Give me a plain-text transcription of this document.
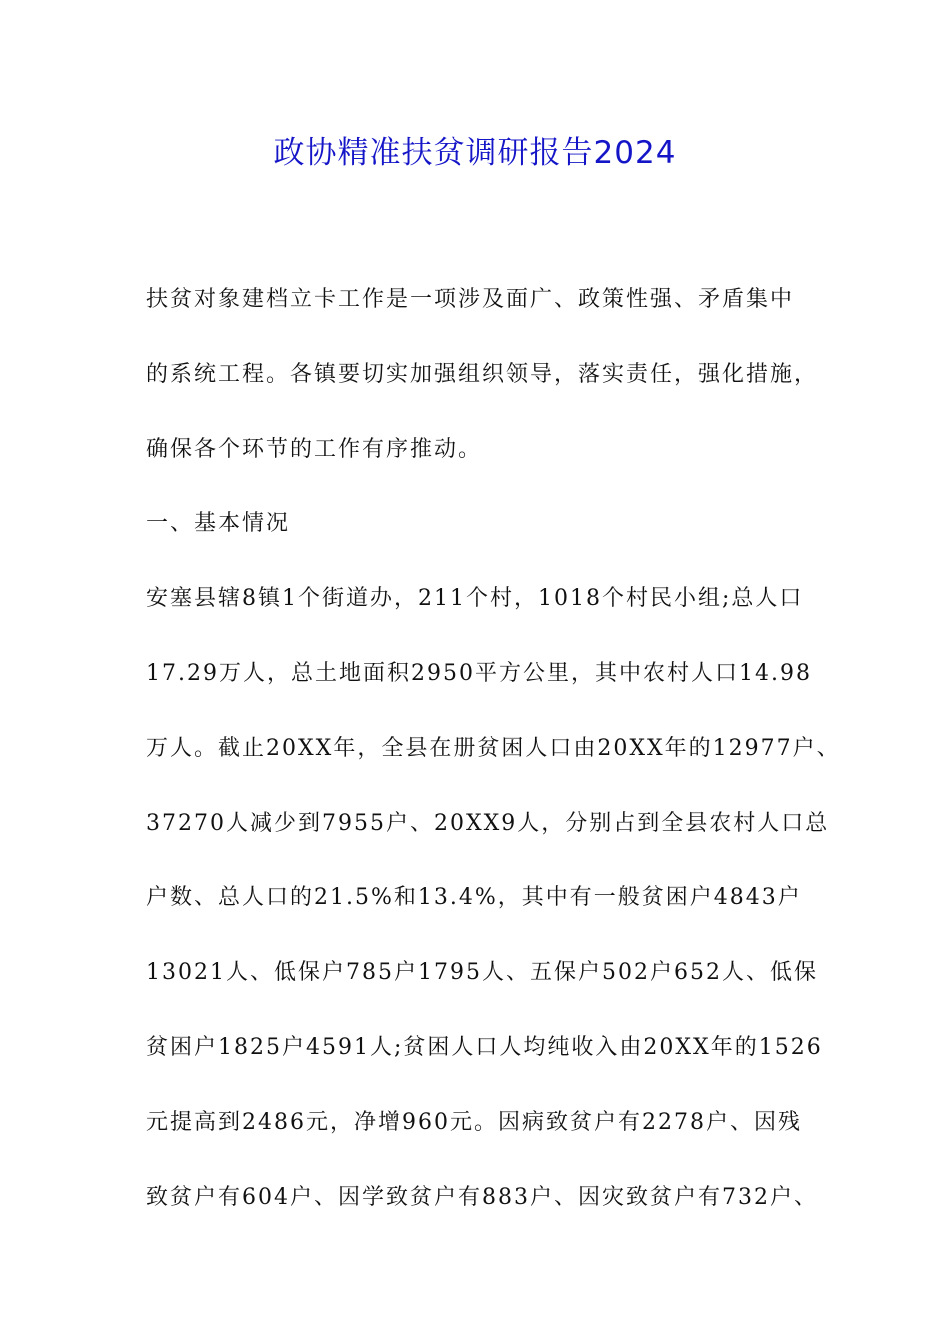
政协精准扶贫调研报告2024
扶贫对象建档立卡工作是一项涉及面广、政策性强、矛盾集中
的系统工程。各镇要切实加强组织领导，落实责任，强化措施，
确保各个环节的工作有序推动。
一、基本情况
安塞县辖8镇1个街道办，211个村，1018个村民小组;总人口
17.29万人，总土地面积2950平方公里，其中农村人口14.98
万人。截止20XX年，全县在册贫困人口由20XX年的12977户、
37270人减少到7955户、20XX9人，分别占到全县农村人口总
户数、总人口的21.5%和13.4%，其中有一般贫困户4843户
13021人、低保户785户1795人、五保户502户652人、低保
贫困户1825户4591人;贫困人口人均纯收入由20XX年的1526
元提高到2486元，净增960元。因病致贫户有2278户、因残
致贫户有604户、因学致贫户有883户、因灾致贫户有732户、
